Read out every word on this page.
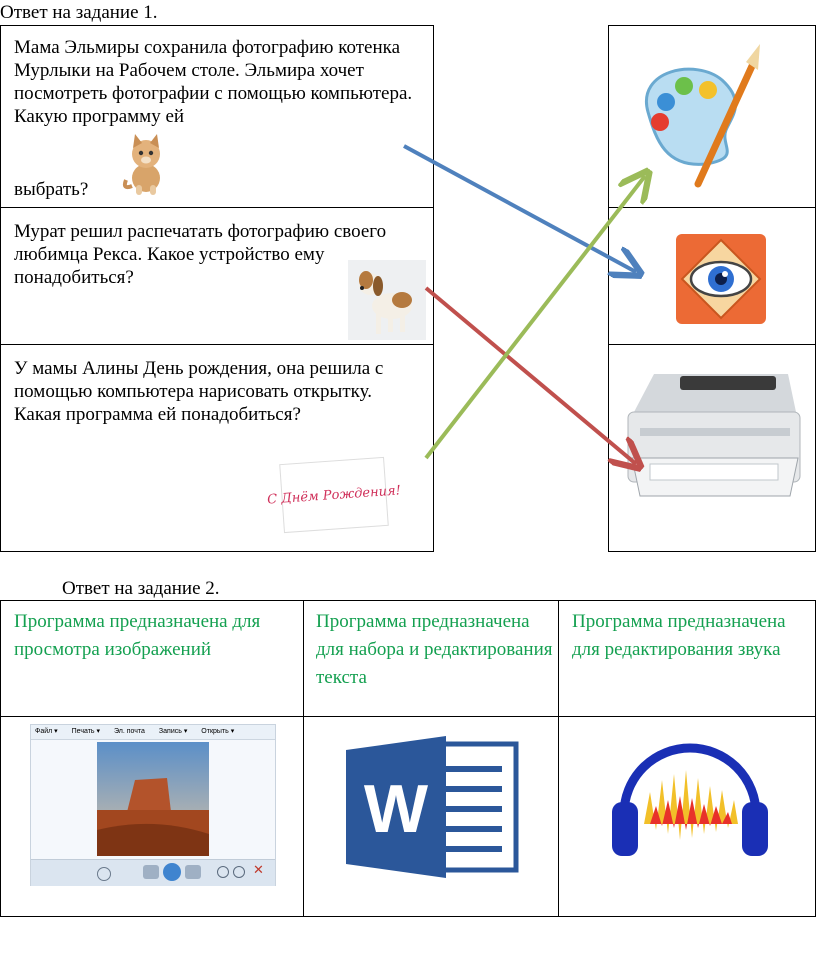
Ответ на задание 1.
Мама Эльмиры сохранила фотографию котенка Мурлыки на Рабочем столе. Эльмира хочет посмотреть фотографии с помощью компьютера. Какую программу ей
выбрать?
Мурат решил распечатать фотографию своего любимца Рекса. Какое устройство ему понадобиться?
У мамы Алины День рождения, она решила с помощью компьютера нарисовать открытку. Какая программа ей понадобиться?
С Днём Рождения!
Ответ на задание 2.
Программа предназначена для просмотра изображений
Программа предназначена для набора и редактирования текста
Программа предназначена для редактирования звука
Файл ▾ Печать ▾ Эл. почта Запись ▾ Открыть ▾
✕
W
